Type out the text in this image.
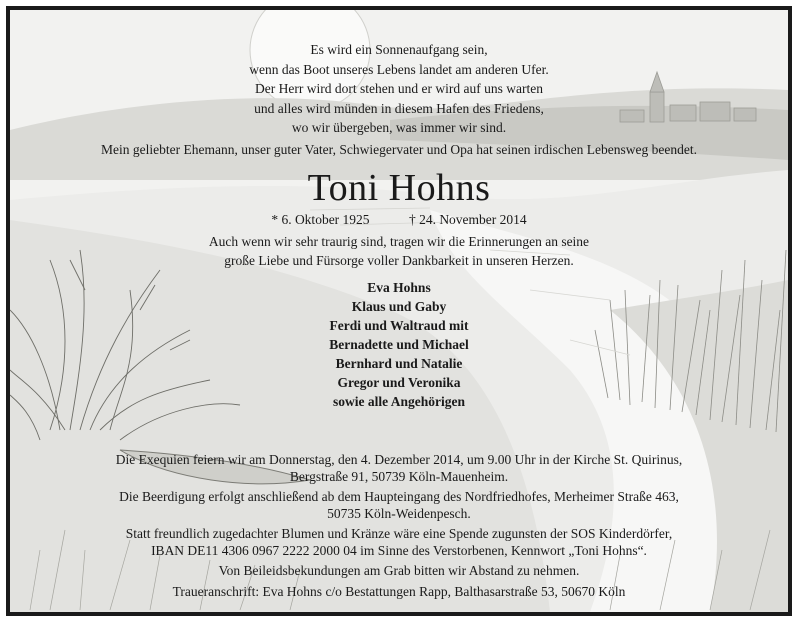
Es wird ein Sonnenaufgang sein,
wenn das Boot unseres Lebens landet am anderen Ufer.
Der Herr wird dort stehen und er wird auf uns warten
und alles wird münden in diesem Hafen des Friedens,
wo wir übergeben, was immer wir sind.
Mein geliebter Ehemann, unser guter Vater, Schwiegervater und Opa hat seinen irdischen Lebensweg beendet.
Toni Hohns
* 6. Oktober 1925	† 24. November 2014
Auch wenn wir sehr traurig sind, tragen wir die Erinnerungen an seine
große Liebe und Fürsorge voller Dankbarkeit in unseren Herzen.
Eva Hohns
Klaus und Gaby
Ferdi und Waltraud mit
Bernadette und Michael
Bernhard und Natalie
Gregor und Veronika
sowie alle Angehörigen

Die Exequien feiern wir am Donnerstag, den 4. Dezember 2014, um 9.00 Uhr in der Kirche St. Quirinus,
Bergstraße 91, 50739 Köln-Mauenheim.

Die Beerdigung erfolgt anschließend ab dem Haupteingang des Nordfriedhofes, Merheimer Straße 463,
50735 Köln-Weidenpesch.

Statt freundlich zugedachter Blumen und Kränze wäre eine Spende zugunsten der SOS Kinderdörfer,
IBAN DE11 4306 0967 2222 2000 04 im Sinne des Verstorbenen, Kennwort „Toni Hohns“.

Von Beileidsbekundungen am Grab bitten wir Abstand zu nehmen.

Traueranschrift: Eva Hohns c/o Bestattungen Rapp, Balthasarstraße 53, 50670 Köln
